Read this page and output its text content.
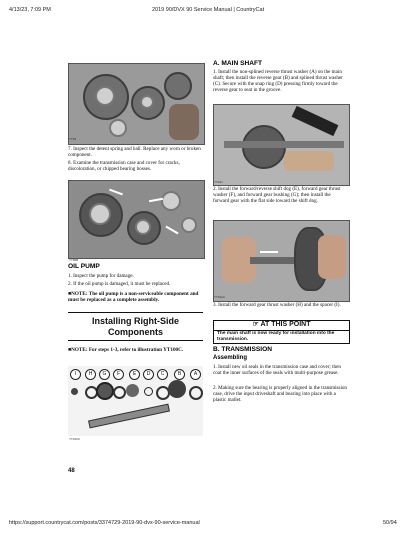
4/13/23, 7:09 PM	2019 90/DVX 90 Service Manual | CountryCat
https://support.countrycat.com/posts/3374729-2019-90-dvx-90-service-manual	50/94
YT63
7. Inspect the detent spring and ball. Replace any worn or broken component.
8. Examine the transmission case and cover for cracks, discoloration, or chipped bearing bosses.
YT86B
OIL PUMP
1. Inspect the pump for damage.
2. If the oil pump is damaged, it must be replaced.
■NOTE: The oil pump is a non-serviceable component and must be replaced as a complete assembly.
Installing Right-Side
Components
■NOTE: For steps 1-3, refer to illustration YT100C.
I	H	G	F	E	D	C	B	A
YT100C
48
A. MAIN SHAFT
1. Install the non-splined reverse thrust washer (A) on the main shaft; then install the reverse gear (B) and splined thrust washer (C). Secure with the snap ring (D) pressing firmly toward the reverse gear to seat in the groove.
YT101
2. Install the forward/reverse shift dog (E), forward gear thrust washer (F), and forward gear bushing (G); then install the forward gear with the flat side toward the shift dog.
YT102A
3. Install the forward gear thrust washer (H) and the spacer (I).
☞ AT THIS POINT
The main shaft is now ready for installation into the transmission.
B. TRANSMISSION
Assembling
1. Install new oil seals in the transmission case and cover; then coat the inner surfaces of the seals with multi-purpose grease.
2. Making sure the bearing is properly aligned in the transmission case, drive the input driveshaft and bearing into place with a plastic mallet.
